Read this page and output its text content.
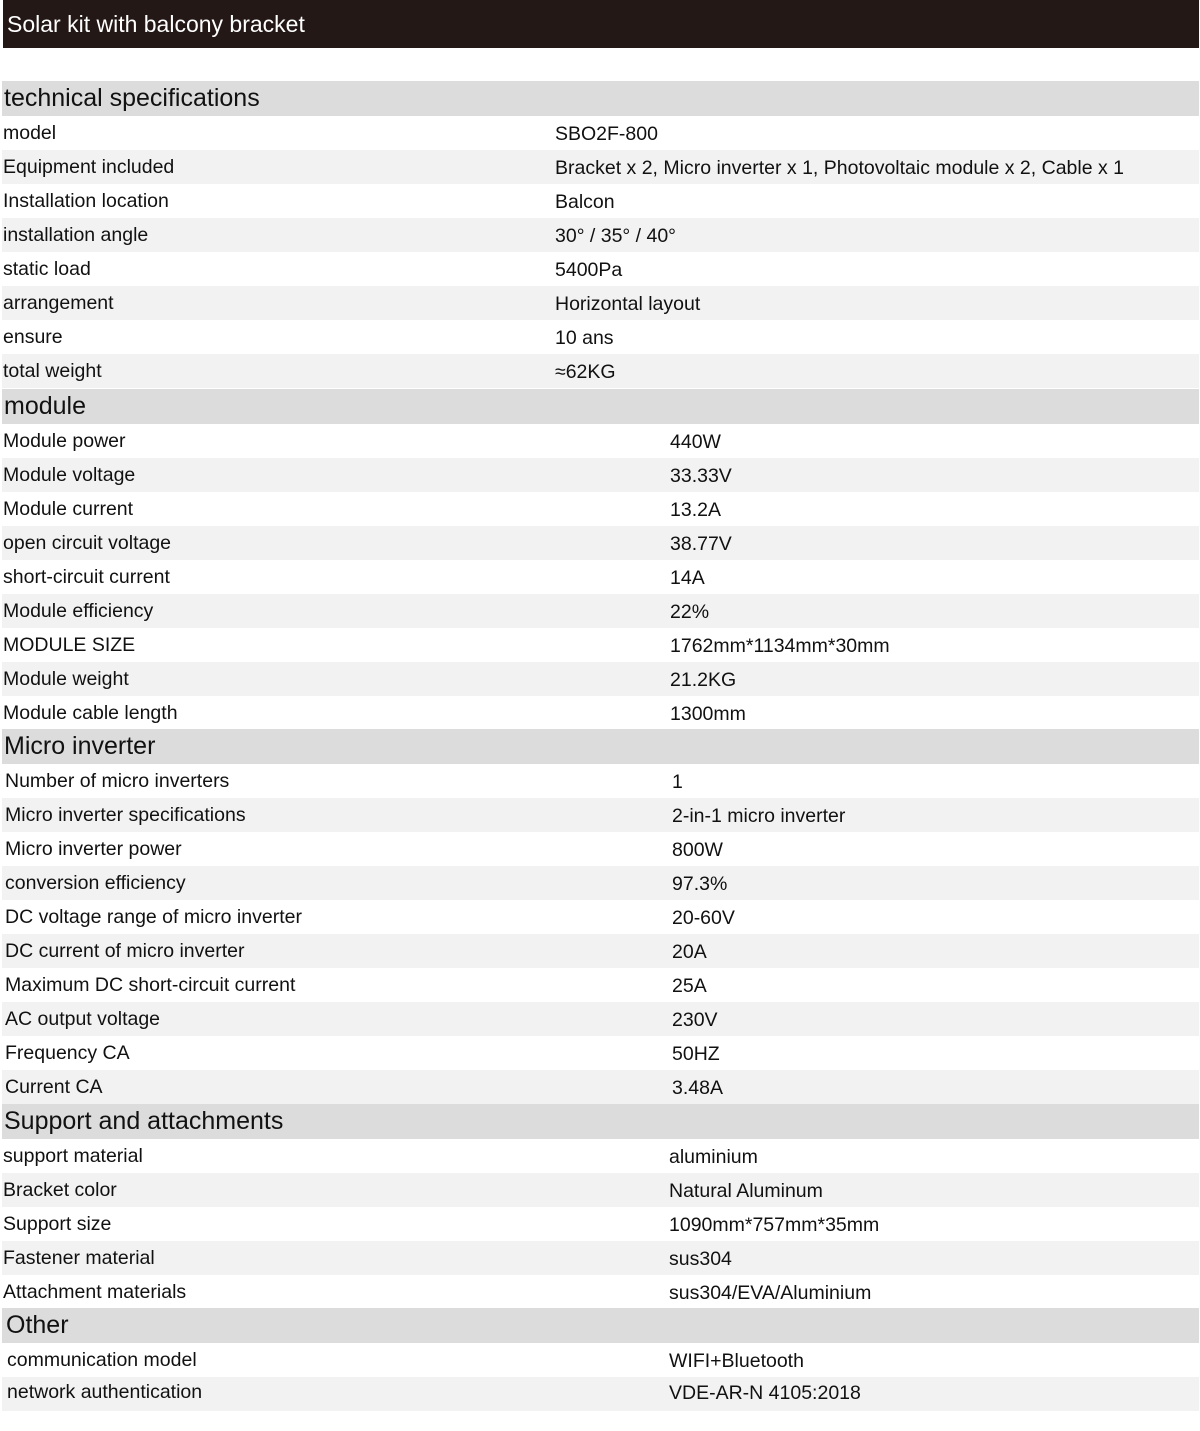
Solar kit with balcony bracket
technical specifications
model	SBO2F-800
Equipment included	Bracket x 2, Micro inverter x 1, Photovoltaic module x 2, Cable x 1
Installation location	Balcon
installation angle	30° / 35° / 40°
static load	5400Pa
arrangement	Horizontal layout
ensure	10 ans
total weight	≈62KG
module
Module power	440W
Module voltage	33.33V
Module current	13.2A
open circuit voltage	38.77V
short-circuit current	14A
Module efficiency	22%
MODULE SIZE	1762mm*1134mm*30mm
Module weight	21.2KG
Module cable length	1300mm
Micro inverter
Number of micro inverters	1
Micro inverter specifications	2-in-1 micro inverter
Micro inverter power	800W
conversion efficiency	97.3%
DC voltage range of micro inverter	20-60V
DC current of micro inverter	20A
Maximum DC short-circuit current	25A
AC output voltage	230V
Frequency CA	50HZ
Current CA	3.48A
Support and attachments
support material	aluminium
Bracket color	Natural Aluminum
Support size	1090mm*757mm*35mm
Fastener material	sus304
Attachment materials	sus304/EVA/Aluminium
Other
communication model	WIFI+Bluetooth
network authentication	VDE-AR-N 4105:2018
